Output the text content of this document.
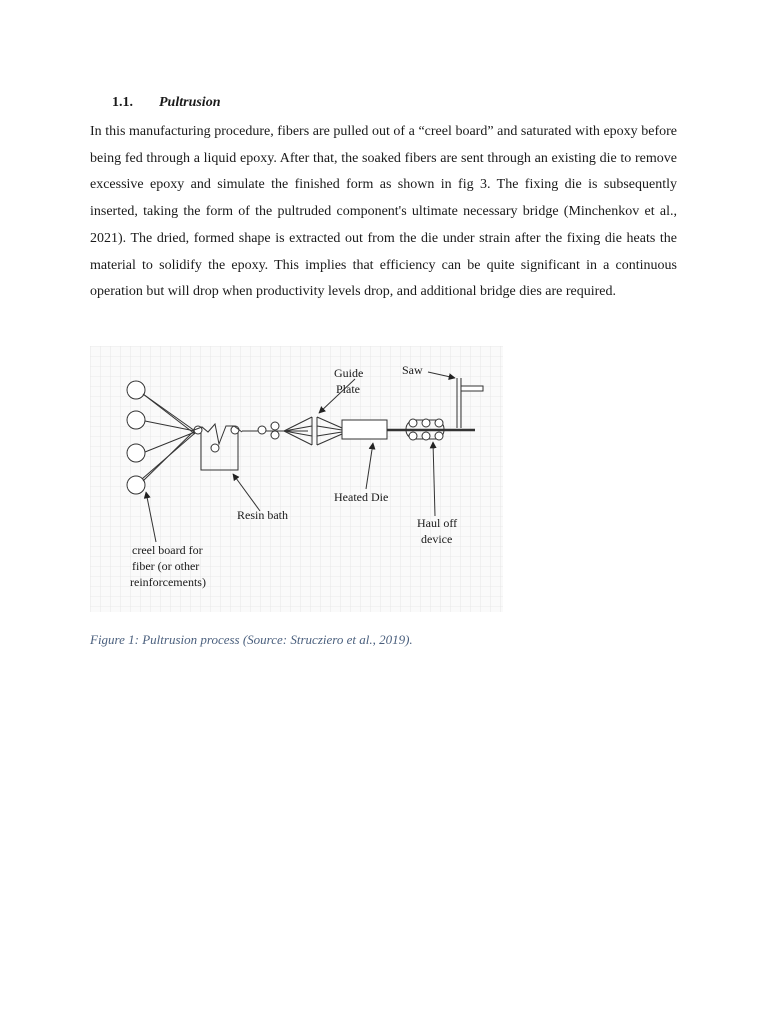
1.1. Pultrusion

In this manufacturing procedure, fibers are pulled out of a “creel board” and saturated with epoxy before being fed through a liquid epoxy. After that, the soaked fibers are sent through an existing die to remove excessive epoxy and simulate the finished form as shown in fig 3. The fixing die is subsequently inserted, taking the form of the pultruded component's ultimate necessary bridge (Minchenkov et al., 2021). The dried, formed shape is extracted out from the die under strain after the fixing die heats the material to solidify the epoxy. This implies that efficiency can be quite significant in a continuous operation but will drop when productivity levels drop, and additional bridge dies are required.

Guide
Plate
Saw
Heated Die
Resin bath
Haul off
device
creel board for
fiber (or other
reinforcements)
Figure 1: Pultrusion process (Source: Strucziero et al., 2019).
